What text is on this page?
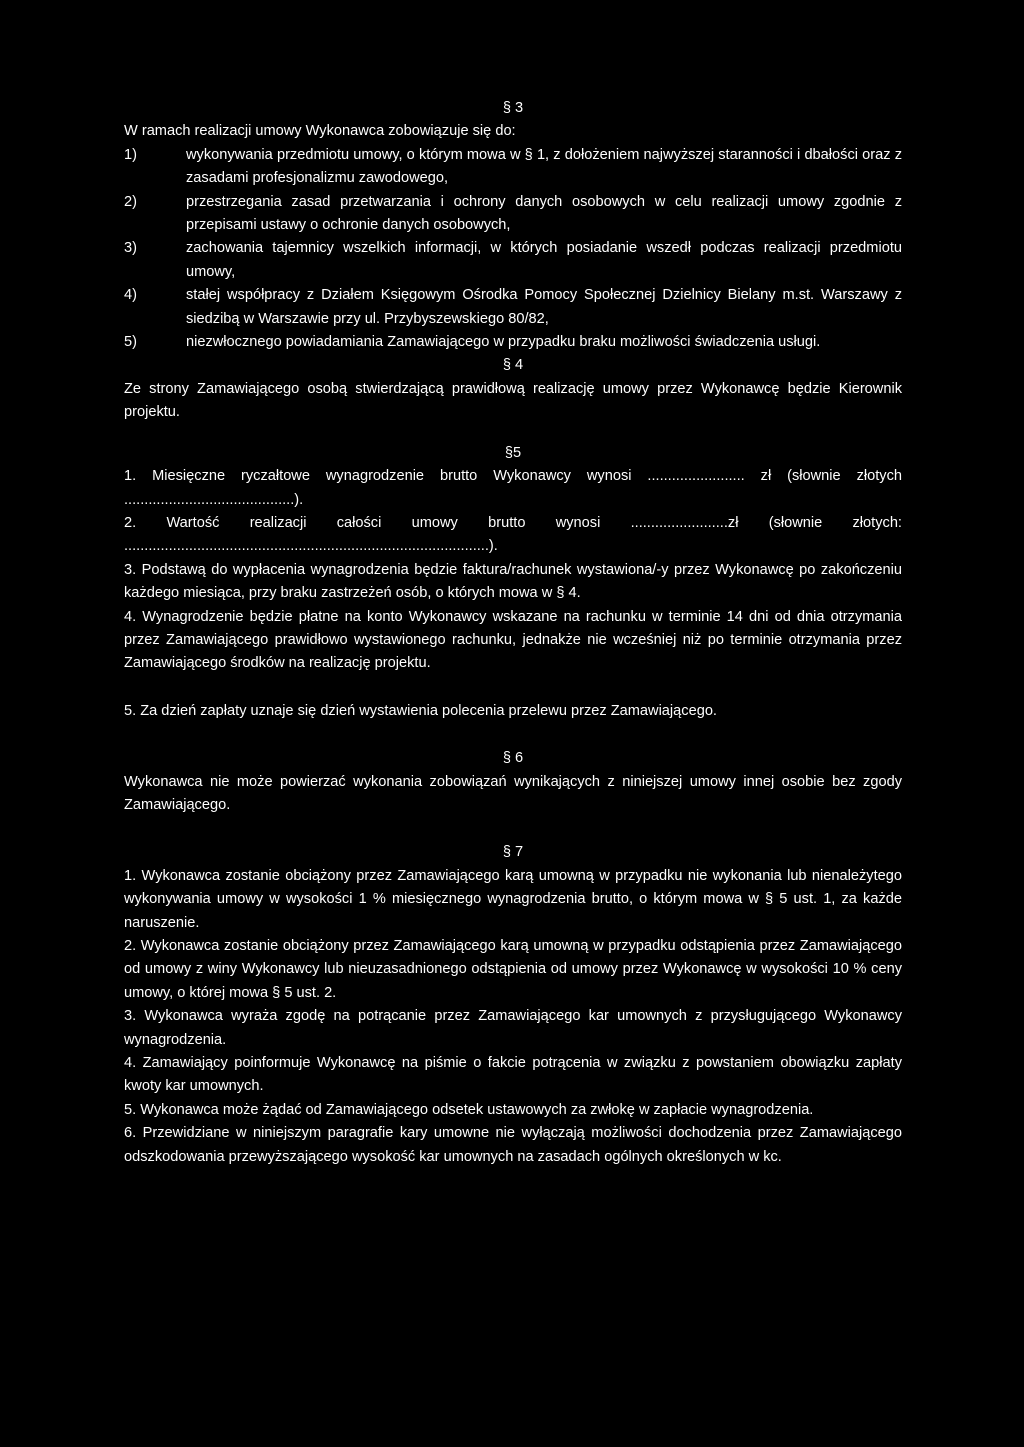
§ 3

W ramach realizacji umowy Wykonawca zobowiązuje się do:

1)	wykonywania przedmiotu umowy, o którym mowa w § 1, z dołożeniem najwyższej staranności i dbałości oraz z zasadami profesjonalizmu zawodowego,
2)	przestrzegania zasad przetwarzania i ochrony danych osobowych w celu realizacji umowy zgodnie z przepisami ustawy o ochronie danych osobowych,
3)	zachowania tajemnicy wszelkich informacji, w których posiadanie wszedł podczas realizacji przedmiotu umowy,
4)	stałej współpracy z Działem Księgowym Ośrodka Pomocy Społecznej Dzielnicy Bielany m.st. Warszawy z siedzibą w Warszawie przy ul. Przybyszewskiego 80/82,
5)	niezwłocznego powiadamiania Zamawiającego w przypadku braku możliwości świadczenia usługi.

§ 4

Ze strony Zamawiającego osobą stwierdzającą prawidłową realizację umowy przez Wykonawcę będzie Kierownik projektu.

§5

1. Miesięczne ryczałtowe wynagrodzenie brutto Wykonawcy wynosi ........................ zł (słownie złotych ..........................................).

2. Wartość realizacji całości umowy brutto wynosi ........................zł (słownie złotych: ..........................................................................................).

3. Podstawą do wypłacenia wynagrodzenia będzie faktura/rachunek wystawiona/-y przez Wykonawcę po zakończeniu każdego miesiąca, przy braku zastrzeżeń osób, o których mowa w § 4.

4. Wynagrodzenie będzie płatne na konto Wykonawcy wskazane na rachunku w terminie 14 dni od dnia otrzymania przez Zamawiającego prawidłowo wystawionego rachunku, jednakże nie wcześniej niż po terminie otrzymania przez Zamawiającego środków na realizację projektu.

5. Za dzień zapłaty uznaje się dzień wystawienia polecenia przelewu przez Zamawiającego.

§ 6

Wykonawca nie może powierzać wykonania zobowiązań wynikających z niniejszej umowy innej osobie bez zgody Zamawiającego.

§ 7

1. Wykonawca zostanie obciążony przez Zamawiającego karą umowną w przypadku nie wykonania lub nienależytego wykonywania umowy w wysokości 1 % miesięcznego wynagrodzenia brutto, o którym mowa w § 5 ust. 1, za każde naruszenie.

2. Wykonawca zostanie obciążony przez Zamawiającego karą umowną w przypadku odstąpienia przez Zamawiającego od umowy z winy Wykonawcy lub nieuzasadnionego odstąpienia od umowy przez Wykonawcę w wysokości 10 % ceny umowy, o której mowa § 5 ust. 2.

3. Wykonawca wyraża zgodę na potrącanie przez Zamawiającego kar umownych z przysługującego Wykonawcy wynagrodzenia.

4. Zamawiający poinformuje Wykonawcę na piśmie o fakcie potrącenia w związku z powstaniem obowiązku zapłaty kwoty kar umownych.

5. Wykonawca może żądać od Zamawiającego odsetek ustawowych za zwłokę w zapłacie wynagrodzenia.

6. Przewidziane w niniejszym paragrafie kary umowne nie wyłączają możliwości dochodzenia przez Zamawiającego odszkodowania przewyższającego wysokość kar umownych na zasadach ogólnych określonych w kc.
